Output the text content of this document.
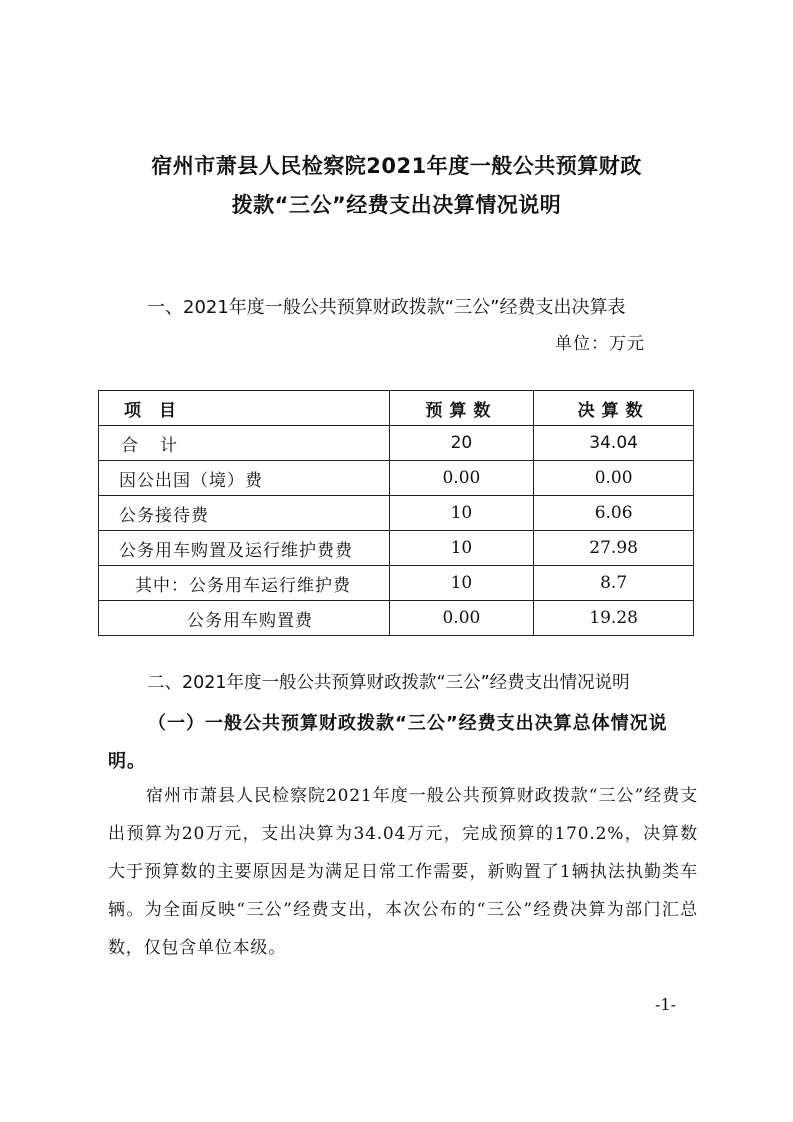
宿州市萧县人民检察院2021年度一般公共预算财政
拨款“三公”经费支出决算情况说明
一、2021年度一般公共预算财政拨款“三公”经费支出决算表
单位：万元
项目	预算数	决算数
合计	20	34.04
因公出国（境）费	0.00	0.00
公务接待费	10	6.06
公务用车购置及运行维护费费	10	27.98
其中：公务用车运行维护费	10	8.7
公务用车购置费	0.00	19.28
二、2021年度一般公共预算财政拨款“三公”经费支出情况说明
（一）一般公共预算财政拨款“三公”经费支出决算总体情况说明。
宿州市萧县人民检察院2021年度一般公共预算财政拨款“三公”经费支出预算为20万元，支出决算为34.04万元，完成预算的170.2%，决算数大于预算数的主要原因是为满足日常工作需要，新购置了1辆执法执勤类车辆。为全面反映“三公”经费支出，本次公布的“三公”经费决算为部门汇总数，仅包含单位本级。
-1-
